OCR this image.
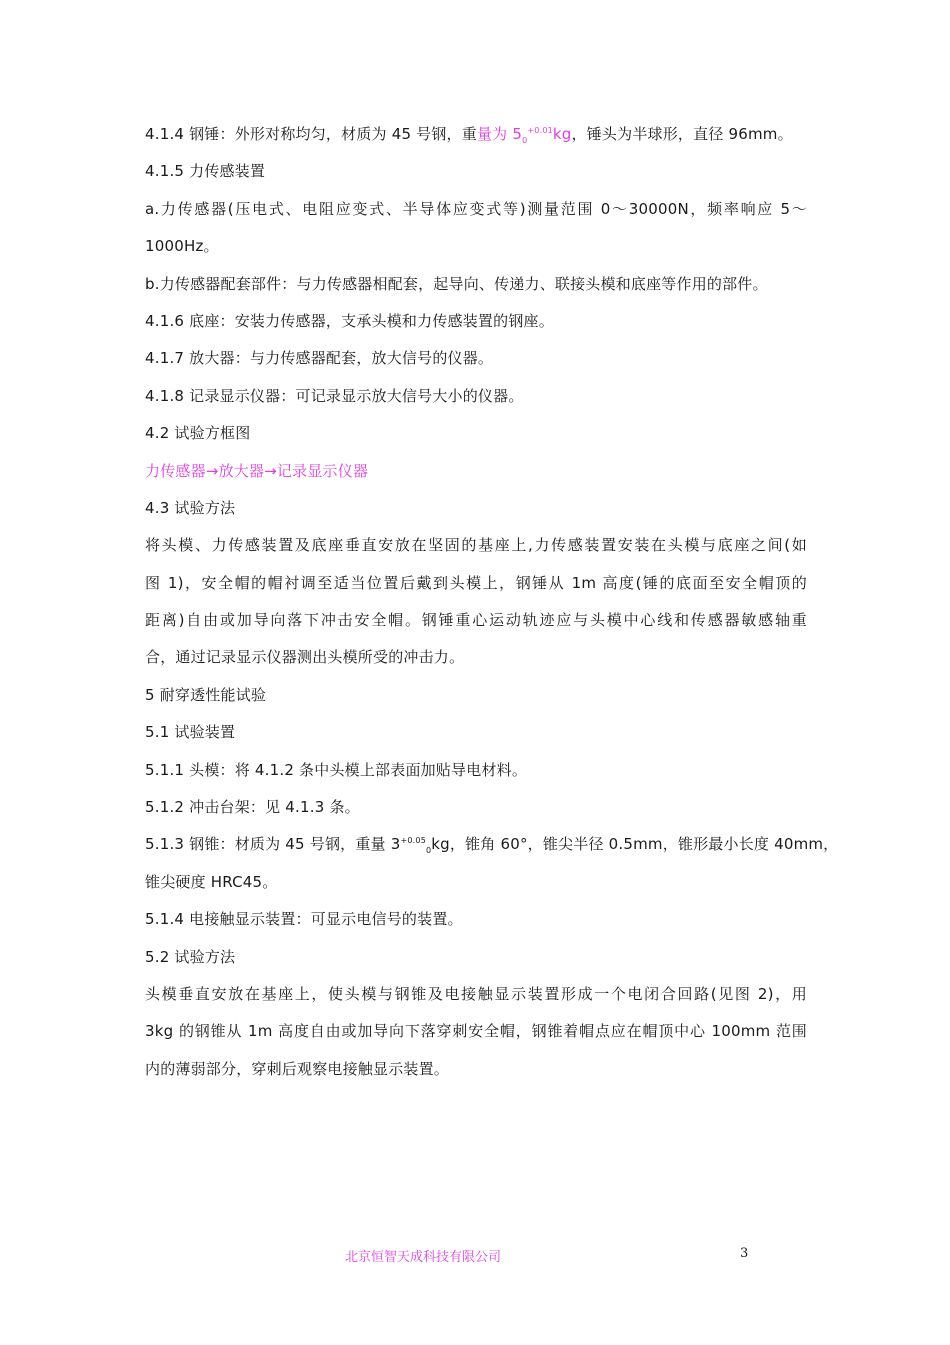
4.1.4 钢锤：外形对称均匀，材质为 45 号钢，重量为 $5_0^{+0.01}kg$，锤头为半球形，直径 96mm。
4.1.5 力传感装置
a.力传感器(压电式、电阻应变式、半导体应变式等)测量范围 0～30000N，频率响应 5～
1000Hz。
b.力传感器配套部件：与力传感器相配套，起导向、传递力、联接头模和底座等作用的部件。
4.1.6 底座：安装力传感器，支承头模和力传感装置的钢座。
4.1.7 放大器：与力传感器配套，放大信号的仪器。
4.1.8 记录显示仪器：可记录显示放大信号大小的仪器。
4.2 试验方框图
力传感器→放大器→记录显示仪器
4.3 试验方法
将头模、力传感装置及底座垂直安放在坚固的基座上,力传感装置安装在头模与底座之间(如
图 1)，安全帽的帽衬调至适当位置后戴到头模上，钢锤从 1m 高度(锤的底面至安全帽顶的
距离)自由或加导向落下冲击安全帽。钢锤重心运动轨迹应与头模中心线和传感器敏感轴重
合，通过记录显示仪器测出头模所受的冲击力。
5 耐穿透性能试验
5.1 试验装置
5.1.1 头模：将 4.1.2 条中头模上部表面加贴导电材料。
5.1.2 冲击台架：见 4.1.3 条。
5.1.3 钢锥：材质为 45 号钢，重量 $3^{+0.05}_0kg$，锥角 60°，锥尖半径 0.5mm，锥形最小长度 40mm，
锥尖硬度 HRC45。
5.1.4 电接触显示装置：可显示电信号的装置。
5.2 试验方法
头模垂直安放在基座上，使头模与钢锥及电接触显示装置形成一个电闭合回路(见图 2)，用
3kg 的钢锥从 1m 高度自由或加导向下落穿刺安全帽，钢锥着帽点应在帽顶中心 100mm 范围
内的薄弱部分，穿刺后观察电接触显示装置。
北京恒智天成科技有限公司	3
